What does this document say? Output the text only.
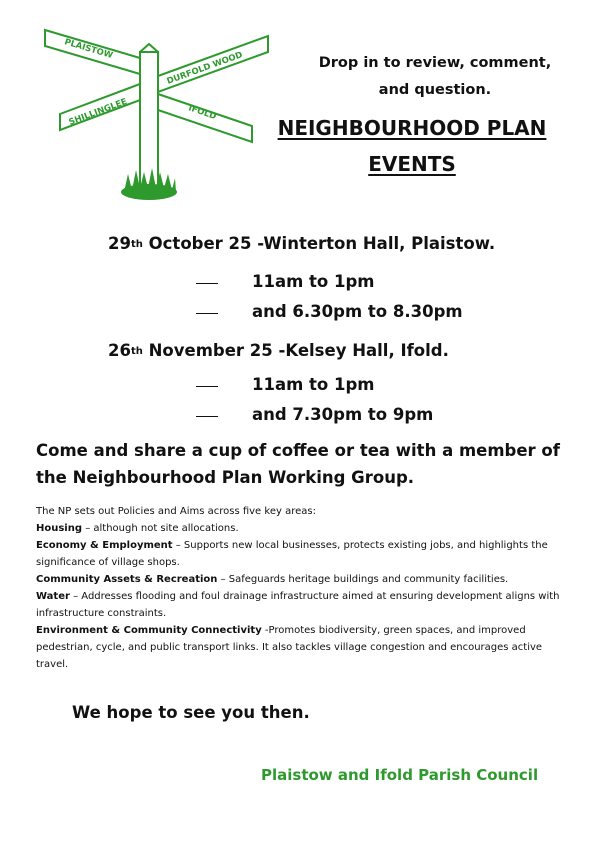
PLAISTOW
DURFOLD WOOD
SHILLINGLEE	IFOLD
Drop in to review, comment,
and question.
NEIGHBOURHOOD PLAN
EVENTS
29th October 25 -Winterton Hall, Plaistow.
11am to 1pm
and 6.30pm to 8.30pm
26th November 25 -Kelsey Hall, Ifold.
11am to 1pm
and 7.30pm to 9pm
Come and share a cup of coffee or tea with a member of the Neighbourhood Plan Working Group.
The NP sets out Policies and Aims across five key areas:
Housing – although not site allocations.
Economy & Employment – Supports new local businesses, protects existing jobs, and highlights the significance of village shops.
Community Assets & Recreation – Safeguards heritage buildings and community facilities.
Water – Addresses flooding and foul drainage infrastructure aimed at ensuring development aligns with infrastructure constraints.
Environment & Community Connectivity -Promotes biodiversity, green spaces, and improved pedestrian, cycle, and public transport links. It also tackles village congestion and encourages active travel.
We hope to see you then.
Plaistow and Ifold Parish Council
